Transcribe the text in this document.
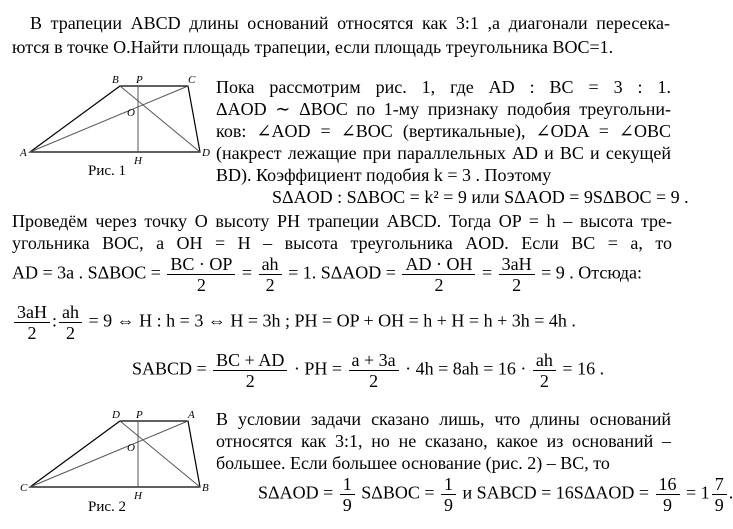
В трапеции ABCD длины оснований относятся как 3:1 ,а диагонали пересека-
ются в точке O.Найти площадь трапеции, если площадь треугольника BOC=1.
B P	C
O
A
H
D
Рис. 1
Пока рассмотрим рис. 1, где AD : BC = 3 : 1.
ΔAOD ∼ ΔBOC по 1-му признаку подобия треугольни-
ков: ∠AOD = ∠BOC (вертикальные), ∠ODA = ∠OBC
(накрест лежащие при параллельных AD и BC и секущей
BD). Коэффициент подобия k = 3 . Поэтому
SΔAOD : SΔBOC = k² = 9 или SΔAOD = 9SΔBOC = 9 .
Проведём через точку O высоту PH трапеции ABCD. Тогда OP = h – высота тре-
угольника BOC, а OH = H – высота треугольника AOD. Если BC = a, то
AD = 3a . $S\Delta BOC = \frac{BC \cdot OP}{2} = \frac{ah}{2} = 1$. $S\Delta AOD = \frac{AD \cdot OH}{2} = \frac{3aH}{2} = 9$ . Отсюда:
$\frac{3aH}{2}$ : $\frac{ah}{2} = 9$ ⇔ H : h = 3 ⇔ H = 3h ; PH = OP + OH = h + H = h + 3h = 4h .
SABCD = $\frac{BC + AD}{2}$ · PH = $\frac{a + 3a}{2} \cdot 4h = 8ah = 16 \cdot \frac{ah}{2} = 16$ .
D P	A
O
C
H
B
Рис. 2
В условии задачи сказано лишь, что длины оснований
относятся как 3:1, но не сказано, какое из оснований –
большее. Если большее основание (рис. 2) – BC, то
$S\Delta AOD = \frac{1}{9}$ $S\Delta BOC = \frac{1}{9}$ и SABCD = $16S\Delta AOD = \frac{16}{9} = 1 \frac{7}{9}$ .
